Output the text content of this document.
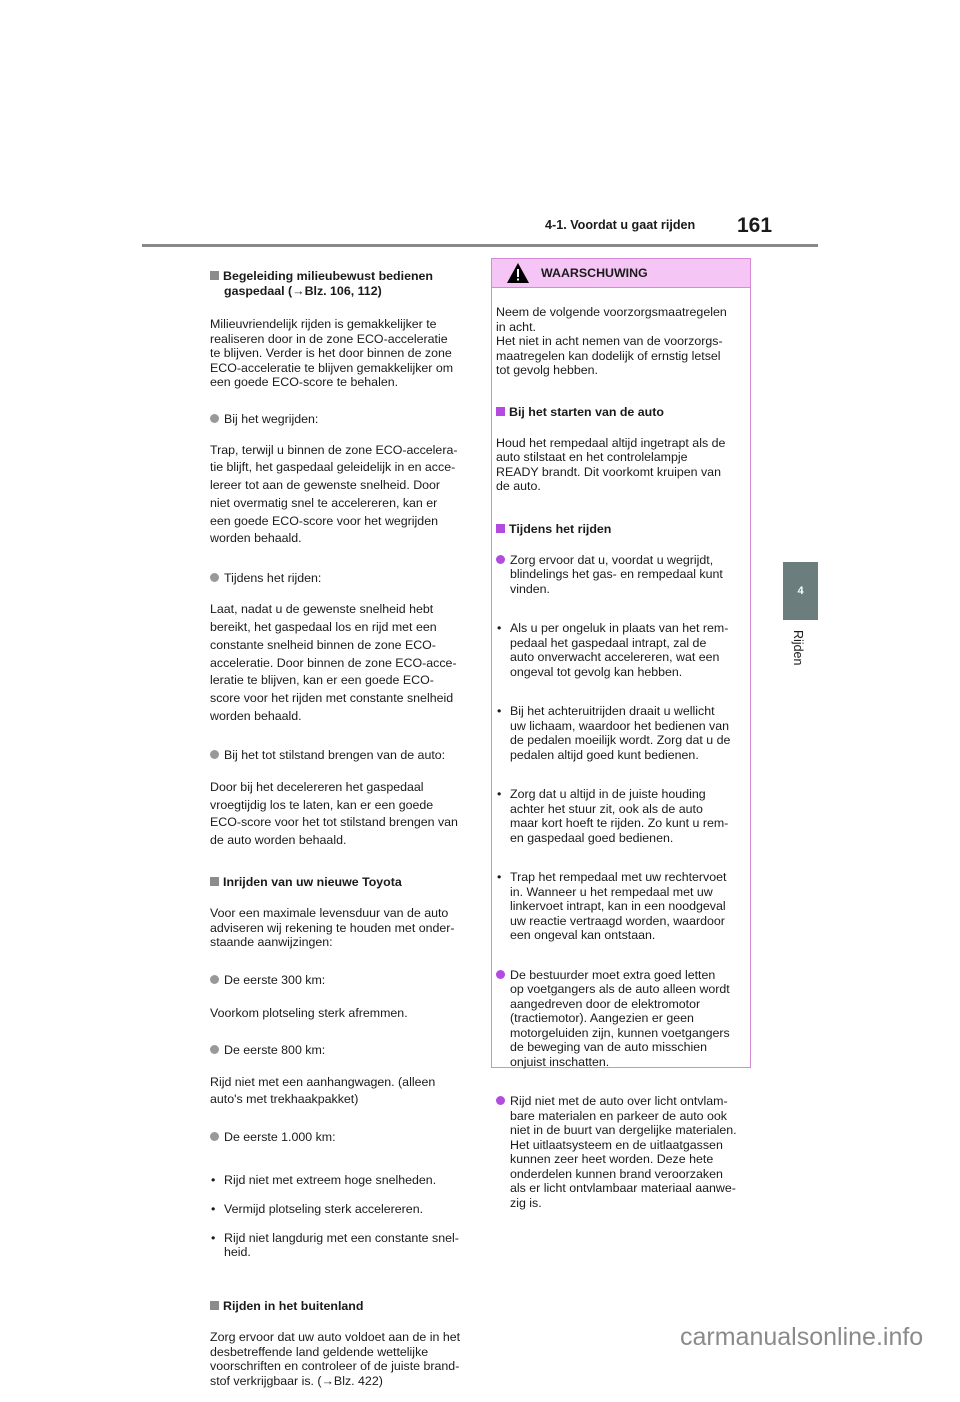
4-1. Voordat u gaat rijden 161
4
Rijden

Begeleiding milieubewust bedienen
gaspedaal (→Blz. 106, 112)

Milieuvriendelijk rijden is gemakkelijker te
realiseren door in de zone ECO-acceleratie
te blijven. Verder is het door binnen de zone
ECO-acceleratie te blijven gemakkelijker om
een goede ECO-score te behalen.

Bij het wegrijden:

Trap, terwijl u binnen de zone ECO-accelera-
tie blijft, het gaspedaal geleidelijk in en acce-
lereer tot aan de gewenste snelheid. Door
niet overmatig snel te accelereren, kan er
een goede ECO-score voor het wegrijden
worden behaald.

Tijdens het rijden:

Laat, nadat u de gewenste snelheid hebt
bereikt, het gaspedaal los en rijd met een
constante snelheid binnen de zone ECO-
acceleratie. Door binnen de zone ECO-acce-
leratie te blijven, kan er een goede ECO-
score voor het rijden met constante snelheid
worden behaald.

Bij het tot stilstand brengen van de auto:

Door bij het decelereren het gaspedaal
vroegtijdig los te laten, kan er een goede
ECO-score voor het tot stilstand brengen van
de auto worden behaald.

Inrijden van uw nieuwe Toyota

Voor een maximale levensduur van de auto
adviseren wij rekening te houden met onder-
staande aanwijzingen:

De eerste 300 km:

Voorkom plotseling sterk afremmen.

De eerste 800 km:

Rijd niet met een aanhangwagen. (alleen
auto's met trekhaakpakket)

De eerste 1.000 km:

• Rijd niet met extreem hoge snelheden.

• Vermijd plotseling sterk accelereren.

• Rijd niet langdurig met een constante snel-
heid.

Rijden in het buitenland

Zorg ervoor dat uw auto voldoet aan de in het
desbetreffende land geldende wettelijke
voorschriften en controleer of de juiste brand-
stof verkrijgbaar is. (→Blz. 422)

WAARSCHUWING

Neem de volgende voorzorgsmaatregelen
in acht.
Het niet in acht nemen van de voorzorgs-
maatregelen kan dodelijk of ernstig letsel
tot gevolg hebben.

Bij het starten van de auto

Houd het rempedaal altijd ingetrapt als de
auto stilstaat en het controlelampje
READY brandt. Dit voorkomt kruipen van
de auto.

Tijdens het rijden

Zorg ervoor dat u, voordat u wegrijdt,
blindelings het gas- en rempedaal kunt
vinden.

• Als u per ongeluk in plaats van het rem-
pedaal het gaspedaal intrapt, zal de
auto onverwacht accelereren, wat een
ongeval tot gevolg kan hebben.

• Bij het achteruitrijden draait u wellicht
uw lichaam, waardoor het bedienen van
de pedalen moeilijk wordt. Zorg dat u de
pedalen altijd goed kunt bedienen.

• Zorg dat u altijd in de juiste houding
achter het stuur zit, ook als de auto
maar kort hoeft te rijden. Zo kunt u rem-
en gaspedaal goed bedienen.

• Trap het rempedaal met uw rechtervoet
in. Wanneer u het rempedaal met uw
linkervoet intrapt, kan in een noodgeval
uw reactie vertraagd worden, waardoor
een ongeval kan ontstaan.

De bestuurder moet extra goed letten
op voetgangers als de auto alleen wordt
aangedreven door de elektromotor
(tractiemotor). Aangezien er geen
motorgeluiden zijn, kunnen voetgangers
de beweging van de auto misschien
onjuist inschatten.

Rijd niet met de auto over licht ontvlam-
bare materialen en parkeer de auto ook
niet in de buurt van dergelijke materialen.
Het uitlaatsysteem en de uitlaatgassen
kunnen zeer heet worden. Deze hete
onderdelen kunnen brand veroorzaken
als er licht ontvlambaar materiaal aanwe-
zig is.

carmanualsonline.info
